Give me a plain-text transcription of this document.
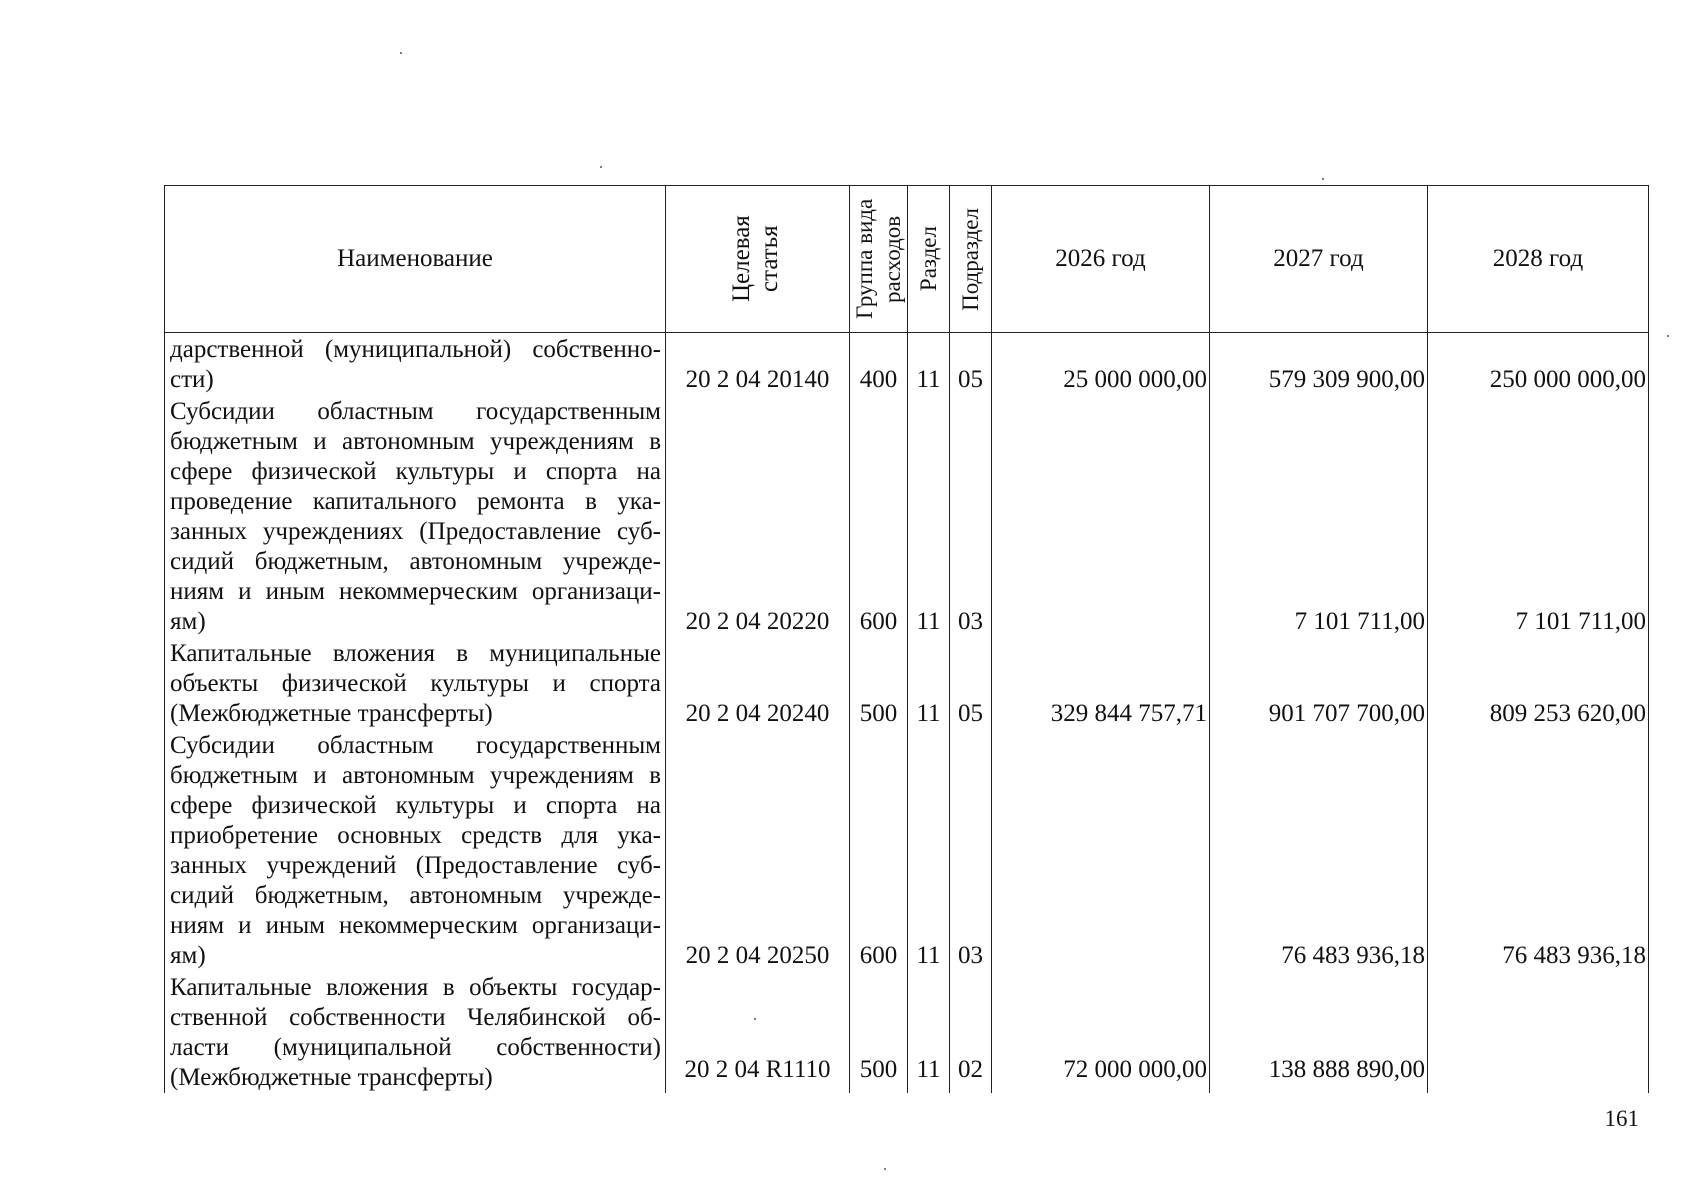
Наименование	Целевая статья	Группа вида расходов	Раздел	Подраздел	2026 год	2027 год	2028 год
дарственной (муниципальной) собственно-сти)	20 2 04 20140	400	11	05	25 000 000,00	579 309 900,00	250 000 000,00
Субсидии областным государственным бюджетным и автономным учреждениям в сфере физической культуры и спорта на проведение капитального ремонта в ука-занных учреждениях (Предоставление суб-сидий бюджетным, автономным учрежде-ниям и иным некоммерческим организаци-ям)	20 2 04 20220	600	11	03		7 101 711,00	7 101 711,00
Капитальные вложения в муниципальные объекты физической культуры и спорта (Межбюджетные трансферты)	20 2 04 20240	500	11	05	329 844 757,71	901 707 700,00	809 253 620,00
Субсидии областным государственным бюджетным и автономным учреждениям в сфере физической культуры и спорта на приобретение основных средств для ука-занных учреждений (Предоставление суб-сидий бюджетным, автономным учрежде-ниям и иным некоммерческим организаци-ям)	20 2 04 20250	600	11	03		76 483 936,18	76 483 936,18
Капитальные вложения в объекты государ-ственной собственности Челябинской об-ласти (муниципальной собственности) (Межбюджетные трансферты)	20 2 04 R1110	500	11	02	72 000 000,00	138 888 890,00	
161
